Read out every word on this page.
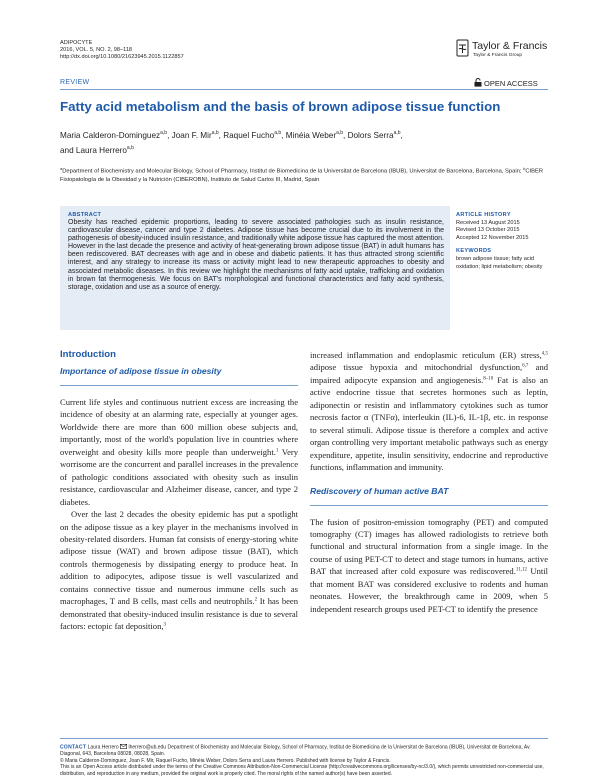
ADIPOCYTE
2016, VOL. 5, NO. 2, 98–118
http://dx.doi.org/10.1080/21623945.2015.1122857
Taylor & Francis
Taylor & Francis Group
REVIEW	OPEN ACCESS
Fatty acid metabolism and the basis of brown adipose tissue function
Maria Calderon-Dominguez$^{a,b}$, Joan F. Mir$^{a,b}$, Raquel Fucho$^{a,b}$, Minéia Weber$^{a,b}$, Dolors Serra$^{a,b}$,
and Laura Herrero$^{a,b}$
$^a$Department of Biochemistry and Molecular Biology, School of Pharmacy, Institut de Biomedicina de la Universitat de Barcelona (IBUB), Universitat de Barcelona, Barcelona, Spain; $^b$CIBER Fisiopatología de la Obesidad y la Nutrición (CIBEROBN), Instituto de Salud Carlos III, Madrid, Spain
ABSTRACT
Obesity has reached epidemic proportions, leading to severe associated pathologies such as insulin resistance, cardiovascular disease, cancer and type 2 diabetes. Adipose tissue has become crucial due to its involvement in the pathogenesis of obesity-induced insulin resistance, and traditionally white adipose tissue has captured the most attention. However in the last decade the presence and activity of heat-generating brown adipose tissue (BAT) in adult humans has been rediscovered. BAT decreases with age and in obese and diabetic patients. It has thus attracted strong scientific interest, and any strategy to increase its mass or activity might lead to new therapeutic approaches to obesity and associated metabolic diseases. In this review we highlight the mechanisms of fatty acid uptake, trafficking and oxidation in brown fat thermogenesis. We focus on BAT's morphological and functional characteristics and fatty acid synthesis, storage, oxidation and use as a source of energy.
ARTICLE HISTORY
Received 13 August 2015
Revised 13 October 2015
Accepted 12 November 2015
KEYWORDS
brown adipose tissue; fatty acid oxidation; lipid metabolism; obesity
Introduction
Importance of adipose tissue in obesity

Current life styles and continuous nutrient excess are increasing the incidence of obesity at an alarming rate, especially at younger ages. Worldwide there are more than 600 million obese subjects and, importantly, most of the world's population live in countries where overweight and obesity kills more people than underweight.$^1$ Very worrisome are the concurrent and parallel increases in the prevalence of pathologic conditions associated with obesity such as insulin resistance, cardiovascular and Alzheimer disease, cancer, and type 2 diabetes.

Over the last 2 decades the obesity epidemic has put a spotlight on the adipose tissue as a key player in the mechanisms involved in obesity-related disorders. Human fat consists of energy-storing white adipose tissue (WAT) and brown adipose tissue (BAT), which controls thermogenesis by dissipating energy to produce heat. In addition to adipocytes, adipose tissue is well vascularized and contains connective tissue and numerous immune cells such as macrophages, T and B cells, mast cells and neutrophils.$^2$ It has been demonstrated that obesity-induced insulin resistance is due to several factors: ectopic fat deposition,$^3$

increased inflammation and endoplasmic reticulum (ER) stress,$^{4,5}$ adipose tissue hypoxia and mitochondrial dysfunction,$^{6,7}$ and impaired adipocyte expansion and angiogenesis.$^{8-10}$ Fat is also an active endocrine tissue that secretes hormones such as leptin, adiponectin or resistin and inflammatory cytokines such as tumor necrosis factor α (TNFα), interleukin (IL)-6, IL-1β, etc. in response to several stimuli. Adipose tissue is therefore a complex and active organ controlling very important metabolic pathways such as energy expenditure, appetite, insulin sensitivity, endocrine and reproductive functions, inflammation and immunity.

Rediscovery of human active BAT

The fusion of positron-emission tomography (PET) and computed tomography (CT) images has allowed radiologists to retrieve both functional and structural information from a single image. In the course of using PET-CT to detect and stage tumors in humans, active BAT that increased after cold exposure was rediscovered.$^{11,12}$ Until that moment BAT was considered exclusive to rodents and human neonates. However, the breakthrough came in 2009, when 5 independent research groups used PET-CT to identify the presence

CONTACT Laura Herrero lherrero@ub.edu Department of Biochemistry and Molecular Biology, School of Pharmacy, Institut de Biomedicina de la Universitat de Barcelona (IBUB), Universitat de Barcelona, Av. Diagonal, 643, Barcelona 08028, 08028, Spain.
© Maria Calderon-Dominguez, Joan F. Mir, Raquel Fucho, Minéia Weber, Dolors Serra and Laura Herrero. Published with license by Taylor & Francis.
This is an Open Access article distributed under the terms of the Creative Commons Attribution-Non-Commercial License (http://creativecommons.org/licenses/by-nc/3.0/), which permits unrestricted non-commercial use, distribution, and reproduction in any medium, provided the original work is properly cited. The moral rights of the named author(s) have been asserted.
